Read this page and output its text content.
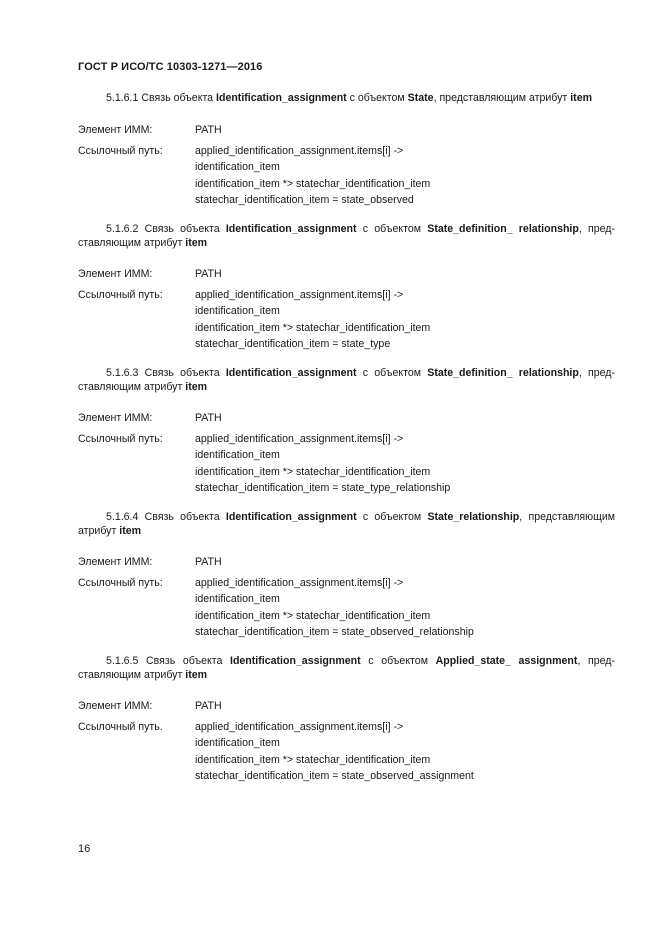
ГОСТ Р ИСО/ТС 10303-1271—2016

5.1.6.1 Связь объекта Identification_assignment с объектом State, представляющим атрибут item

Элемент ИММ:	PATH
Ссылочный путь:	applied_identification_assignment.items[i] ->
identification_item
identification_item *> statechar_identification_item
statechar_identification_item = state_observed

5.1.6.2 Связь объекта Identification_assignment с объектом State_definition_ relationship, пред-ставляющим атрибут item

Элемент ИММ:	PATH
Ссылочный путь:	applied_identification_assignment.items[i] ->
identification_item
identification_item *> statechar_identification_item
statechar_identification_item = state_type

5.1.6.3 Связь объекта Identification_assignment с объектом State_definition_ relationship, пред-ставляющим атрибут item

Элемент ИММ:	PATH
Ссылочный путь:	applied_identification_assignment.items[i] ->
identification_item
identification_item *> statechar_identification_item
statechar_identification_item = state_type_relationship

5.1.6.4 Связь объекта Identification_assignment с объектом State_relationship, представляющим атрибут item

Элемент ИММ:	PATH
Ссылочный путь:	applied_identification_assignment.items[i] ->
identification_item
identification_item *> statechar_identification_item
statechar_identification_item = state_observed_relationship

5.1.6.5 Связь объекта Identification_assignment с объектом Applied_state_ assignment, пред-ставляющим атрибут item

Элемент ИММ:	PATH
Ссылочный путь.	applied_identification_assignment.items[i] ->
identification_item
identification_item *> statechar_identification_item
statechar_identification_item = state_observed_assignment
16
